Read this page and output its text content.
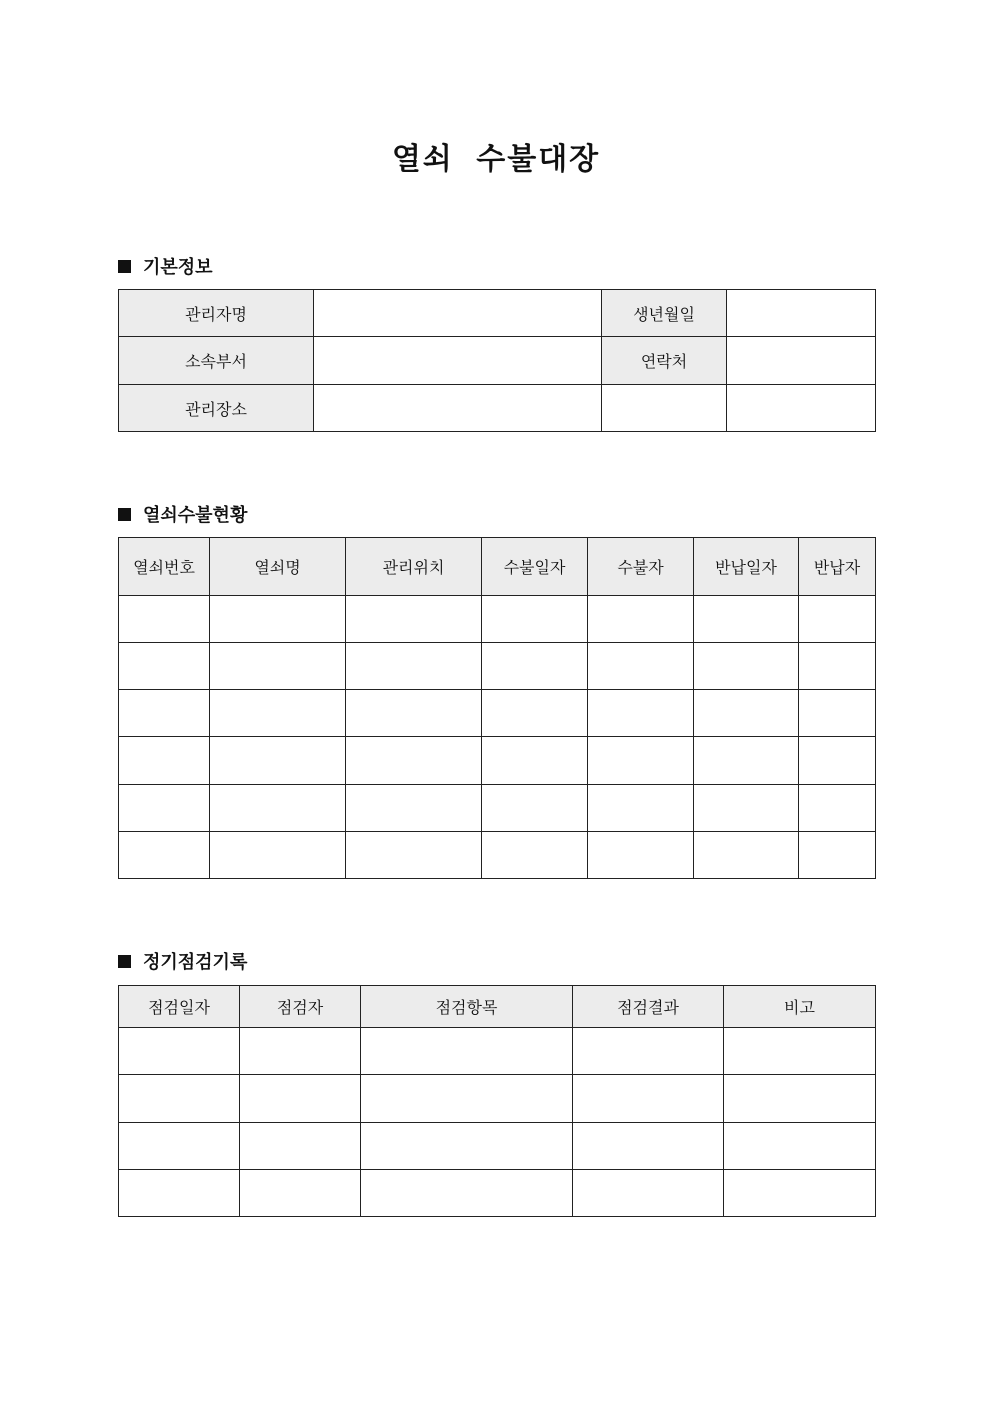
열쇠 수불대장
기본정보
관리자명		생년월일	
소속부서		연락처	
관리장소			
열쇠수불현황
열쇠번호	열쇠명	관리위치	수불일자	수불자	반납일자	반납자

정기점검기록
점검일자	점검자	점검항목	점검결과	비고
